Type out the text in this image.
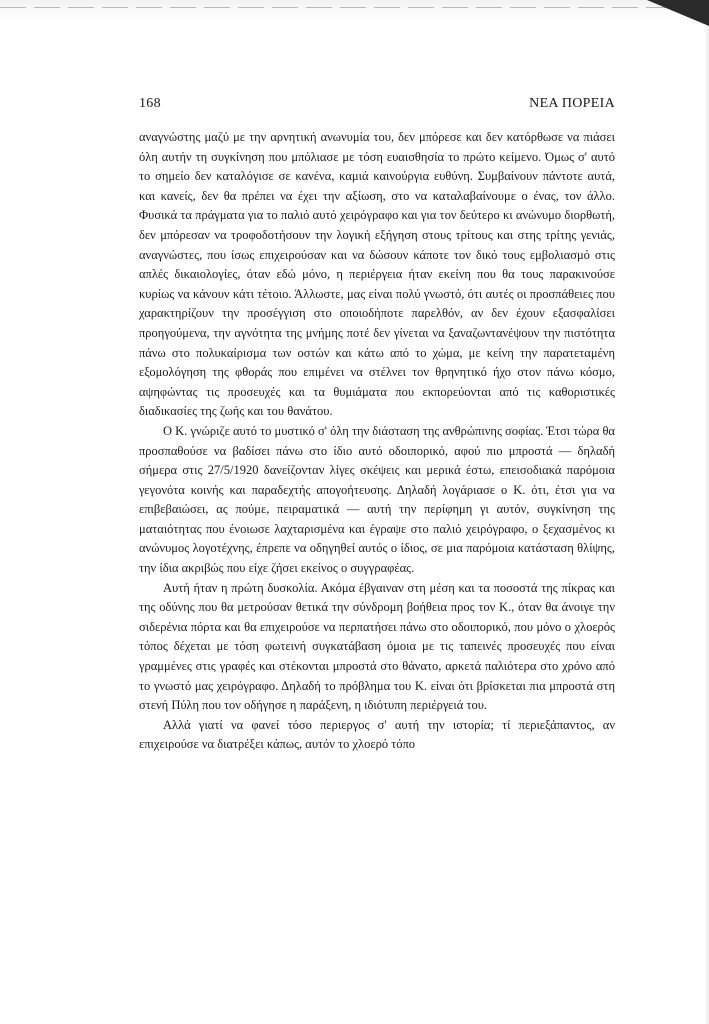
168	ΝΕΑ ΠΟΡΕΙΑ

αναγνώστης μαζύ με την αρνητική ανωνυμία του, δεν μπόρεσε και δεν κατόρθωσε να πιάσει όλη αυτήν τη συγκίνηση που μπόλιασε με τόση ευαισθησία το πρώτο κείμενο. Όμως σ' αυτό το σημείο δεν καταλόγισε σε κανένα, καμιά καινούργια ευθύνη. Συμβαίνουν πάντοτε αυτά, και κανείς, δεν θα πρέπει να έχει την αξίωση, στο να καταλαβαίνουμε ο ένας, τον άλλο. Φυσικά τα πράγματα για το παλιό αυτό χειρόγραφο και για τον δεύτερο κι ανώνυμο διορθωτή, δεν μπόρεσαν να τροφοδοτήσουν την λογική εξήγηση στους τρίτους και στης τρίτης γενιάς, αναγνώστες, που ίσως επιχειρούσαν και να δώσουν κάποτε τον δικό τους εμβολιασμό στις απλές δικαιολογίες, όταν εδώ μόνο, η περιέργεια ήταν εκείνη που θα τους παρακινούσε κυρίως να κάνουν κάτι τέτοιο. Άλλωστε, μας είναι πολύ γνωστό, ότι αυτές οι προσπάθειες που χαρακτηρίζουν την προσέγγιση στο οποιοδήποτε παρελθόν, αν δεν έχουν εξασφαλίσει προηγούμενα, την αγνότητα της μνήμης ποτέ δεν γίνεται να ξαναζωντανέψουν την πιστότητα πάνω στο πολυκαίρισμα των οστών και κάτω από το χώμα, με κείνη την παρατεταμένη εξομολόγηση της φθοράς που επιμένει να στέλνει τον θρηνητικό ήχο στον πάνω κόσμο, αψηφώντας τις προσευχές και τα θυμιάματα που εκπορεύονται από τις καθοριστικές διαδικασίες της ζωής και του θανάτου.

Ο Κ. γνώριζε αυτό το μυστικό σ' όλη την διάσταση της ανθρώπινης σοφίας. Έτσι τώρα θα προσπαθούσε να βαδίσει πάνω στο ίδιο αυτό οδοιπορικό, αφού πιο μπροστά — δηλαδή σήμερα στις 27/5/1920 δανείζονταν λίγες σκέψεις και μερικά έστω, επεισοδιακά παρόμοια γεγονότα κοινής και παραδεχτής απογοήτευσης. Δηλαδή λογάριασε ο Κ. ότι, έτσι για να επιβεβαιώσει, ας πούμε, πειραματικά — αυτή την περίφημη γι αυτόν, συγκίνηση της ματαιότητας που ένοιωσε λαχταρισμένα και έγραψε στο παλιό χειρόγραφο, ο ξεχασμένος κι ανώνυμος λογοτέχνης, έπρεπε να οδηγηθεί αυτός ο ίδιος, σε μια παρόμοια κατάσταση θλίψης, την ίδια ακριβώς που είχε ζήσει εκείνος ο συγγραφέας.

Αυτή ήταν η πρώτη δυσκολία. Ακόμα έβγαιναν στη μέση και τα ποσοστά της πίκρας και της οδύνης που θα μετρούσαν θετικά την σύνδρομη βοήθεια προς τον Κ., όταν θα άνοιγε την σιδερένια πόρτα και θα επιχειρούσε να περπατήσει πάνω στο οδοιπορικό, που μόνο ο χλοερός τόπος δέχεται με τόση φωτεινή συγκατάβαση όμοια με τις ταπεινές προσευχές που είναι γραμμένες στις γραφές και στέκονται μπροστά στο θάνατο, αρκετά παλιότερα στο χρόνο από το γνωστό μας χειρόγραφο. Δηλαδή το πρόβλημα του Κ. είναι ότι βρίσκεται πια μπροστά στη στενή Πύλη που τον οδήγησε η παράξενη, η ιδιότυπη περιέργειά του.

Αλλά γιατί να φανεί τόσο περιεργος σ' αυτή την ιστορία; τί περιεξάπαντος, αν επιχειρούσε να διατρέξει κάπως, αυτόν το χλοερό τόπο
